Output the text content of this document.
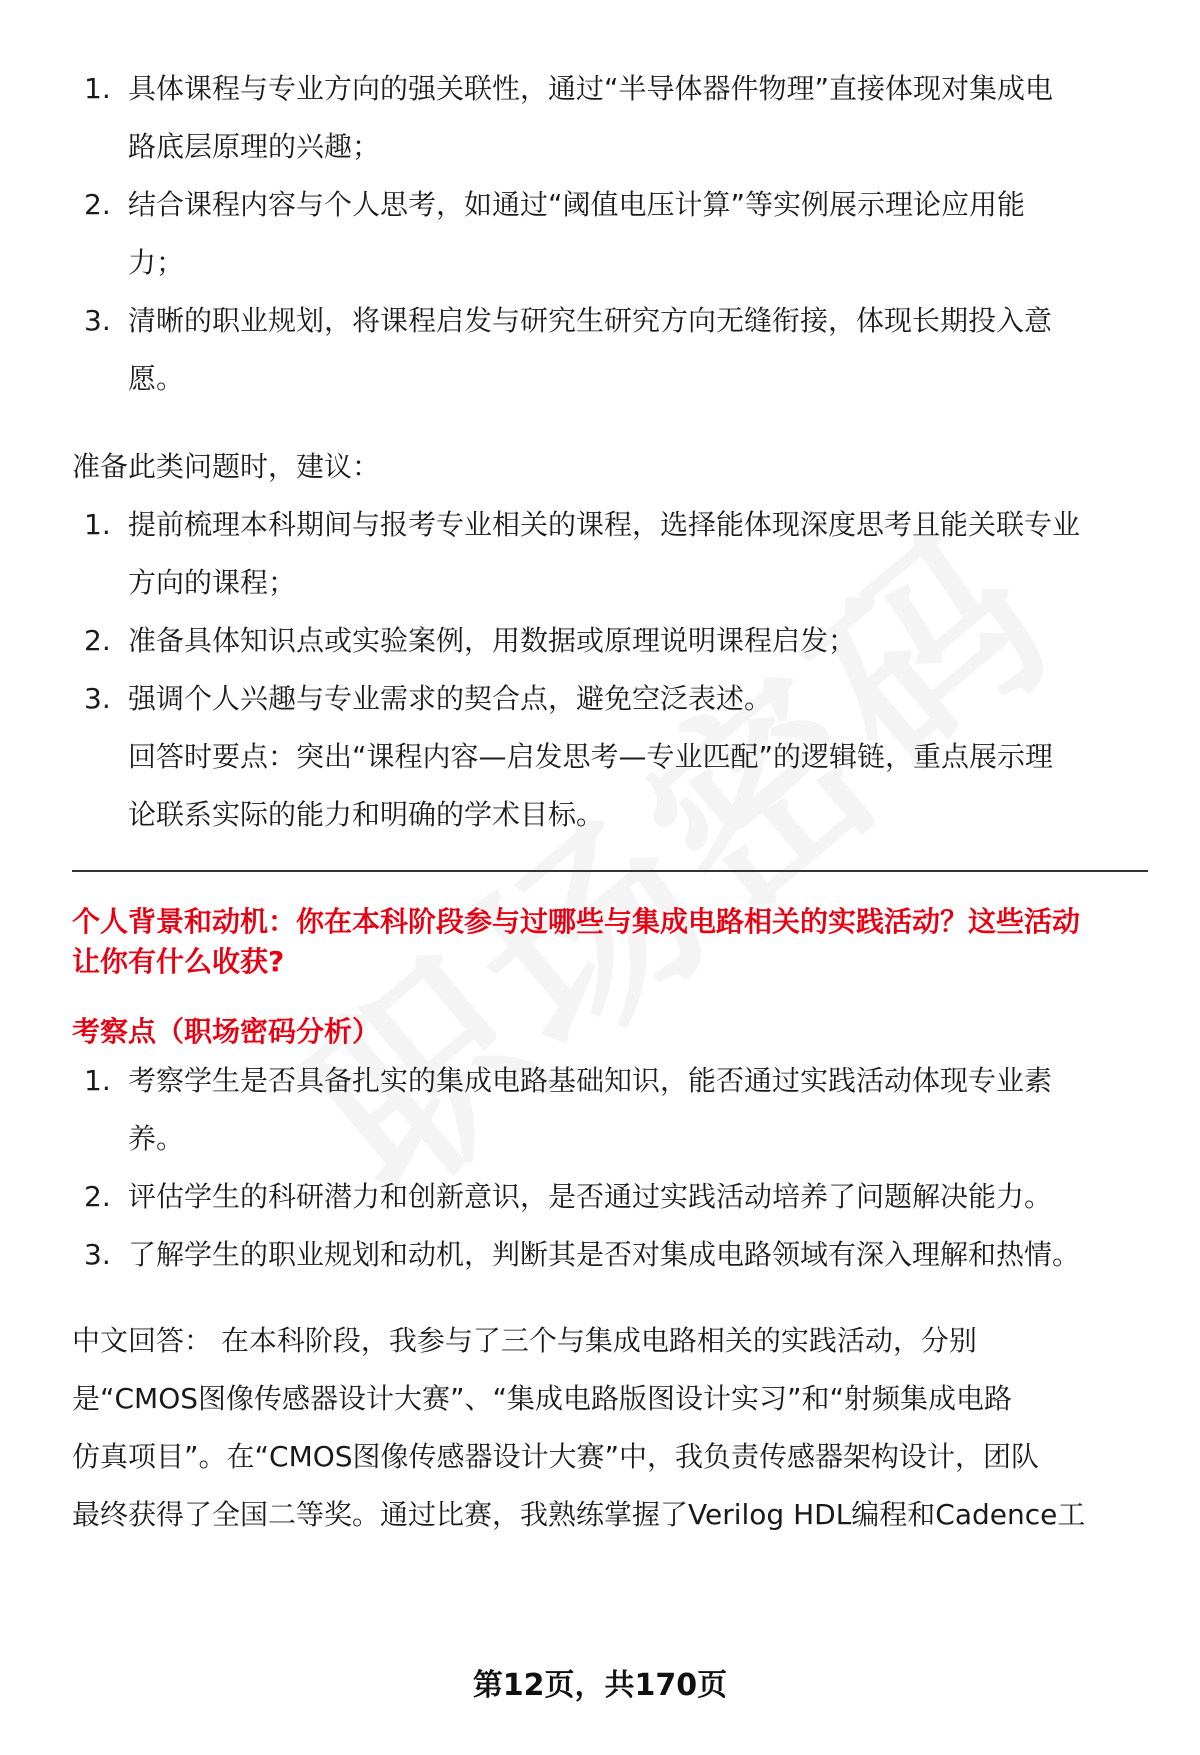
1. 具体课程与专业方向的强关联性，通过“半导体器件物理”直接体现对集成电
路底层原理的兴趣；
2. 结合课程内容与个人思考，如通过“阈值电压计算”等实例展示理论应用能
力；
3. 清晰的职业规划，将课程启发与研究生研究方向无缝衔接，体现长期投入意
愿。

准备此类问题时，建议：

1. 提前梳理本科期间与报考专业相关的课程，选择能体现深度思考且能关联专业
方向的课程；
2. 准备具体知识点或实验案例，用数据或原理说明课程启发；
3. 强调个人兴趣与专业需求的契合点，避免空泛表述。
回答时要点：突出“课程内容—启发思考—专业匹配”的逻辑链，重点展示理
论联系实际的能力和明确的学术目标。
个人背景和动机：你在本科阶段参与过哪些与集成电路相关的实践活动？这些活动
让你有什么收获?
考察点（职场密码分析）
1. 考察学生是否具备扎实的集成电路基础知识，能否通过实践活动体现专业素
养。
2. 评估学生的科研潜力和创新意识，是否通过实践活动培养了问题解决能力。
3. 了解学生的职业规划和动机，判断其是否对集成电路领域有深入理解和热情。
中文回答： 在本科阶段，我参与了三个与集成电路相关的实践活动，分别
是“CMOS图像传感器设计大赛”、“集成电路版图设计实习”和“射频集成电路
仿真项目”。在“CMOS图像传感器设计大赛”中，我负责传感器架构设计，团队
最终获得了全国二等奖。通过比赛，我熟练掌握了Verilog HDL编程和Cadence工
第12页，共170页
